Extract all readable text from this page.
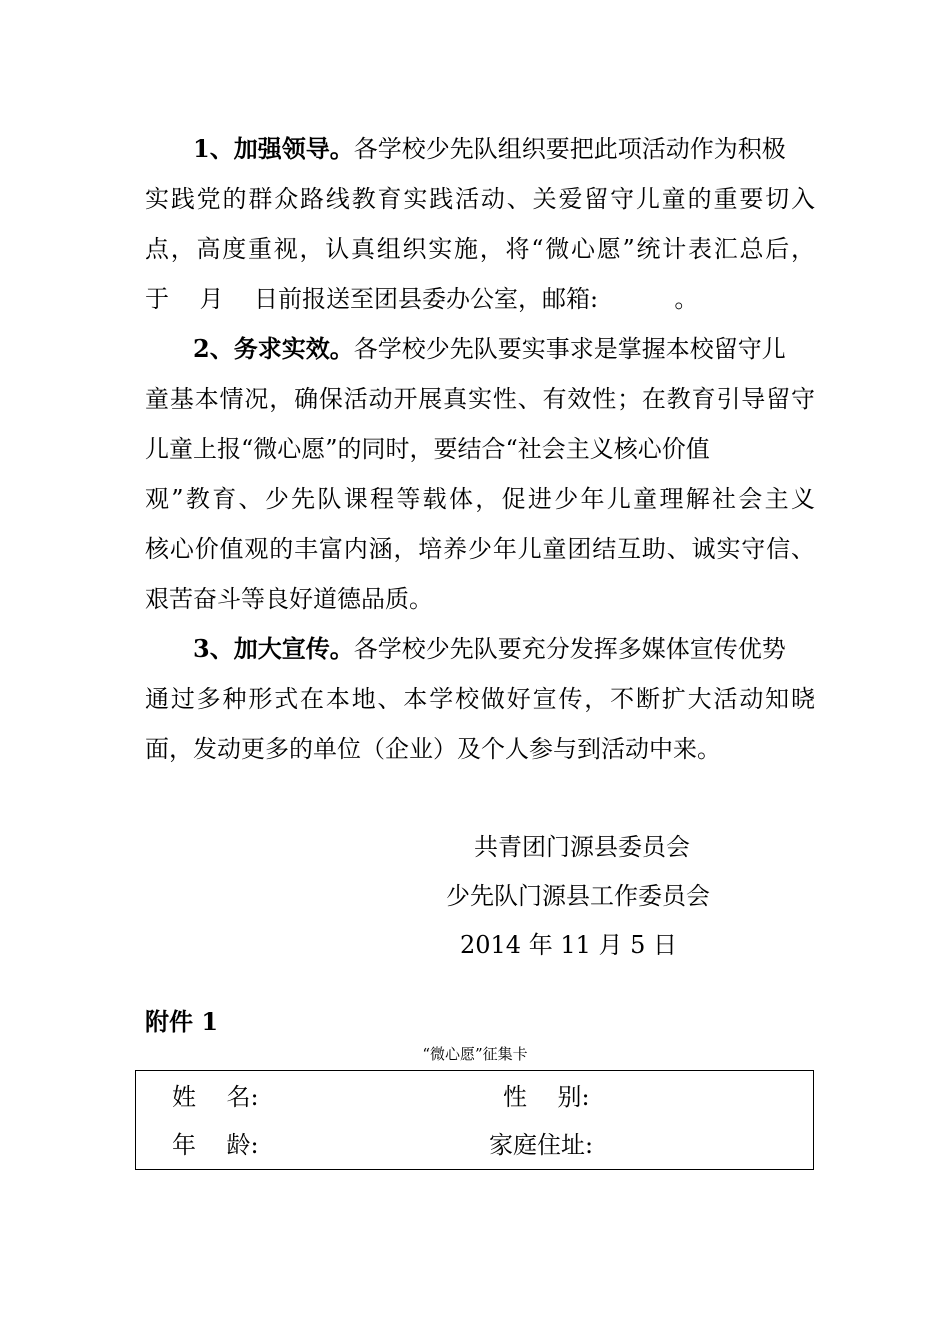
1、加强领导。各学校少先队组织要把此项活动作为积极
实践党的群众路线教育实践活动、关爱留守儿童的重要切入
点，高度重视，认真组织实施，将“微心愿”统计表汇总后，
于    月    日前报送至团县委办公室，邮箱:          。
2、务求实效。各学校少先队要实事求是掌握本校留守儿
童基本情况，确保活动开展真实性、有效性；在教育引导留守
儿童上报“微心愿”的同时，要结合“社会主义核心价值
观”教育、少先队课程等载体，促进少年儿童理解社会主义
核心价值观的丰富内涵，培养少年儿童团结互助、诚实守信、
艰苦奋斗等良好道德品质。
3、加大宣传。各学校少先队要充分发挥多媒体宣传优势
通过多种形式在本地、本学校做好宣传，不断扩大活动知晓
面，发动更多的单位（企业）及个人参与到活动中来。
共青团门源县委员会
少先队门源县工作委员会
2014 年 11 月 5 日
附件 1
“微心愿”征集卡
姓    名:	性    别:
年    龄:	家庭住址:
